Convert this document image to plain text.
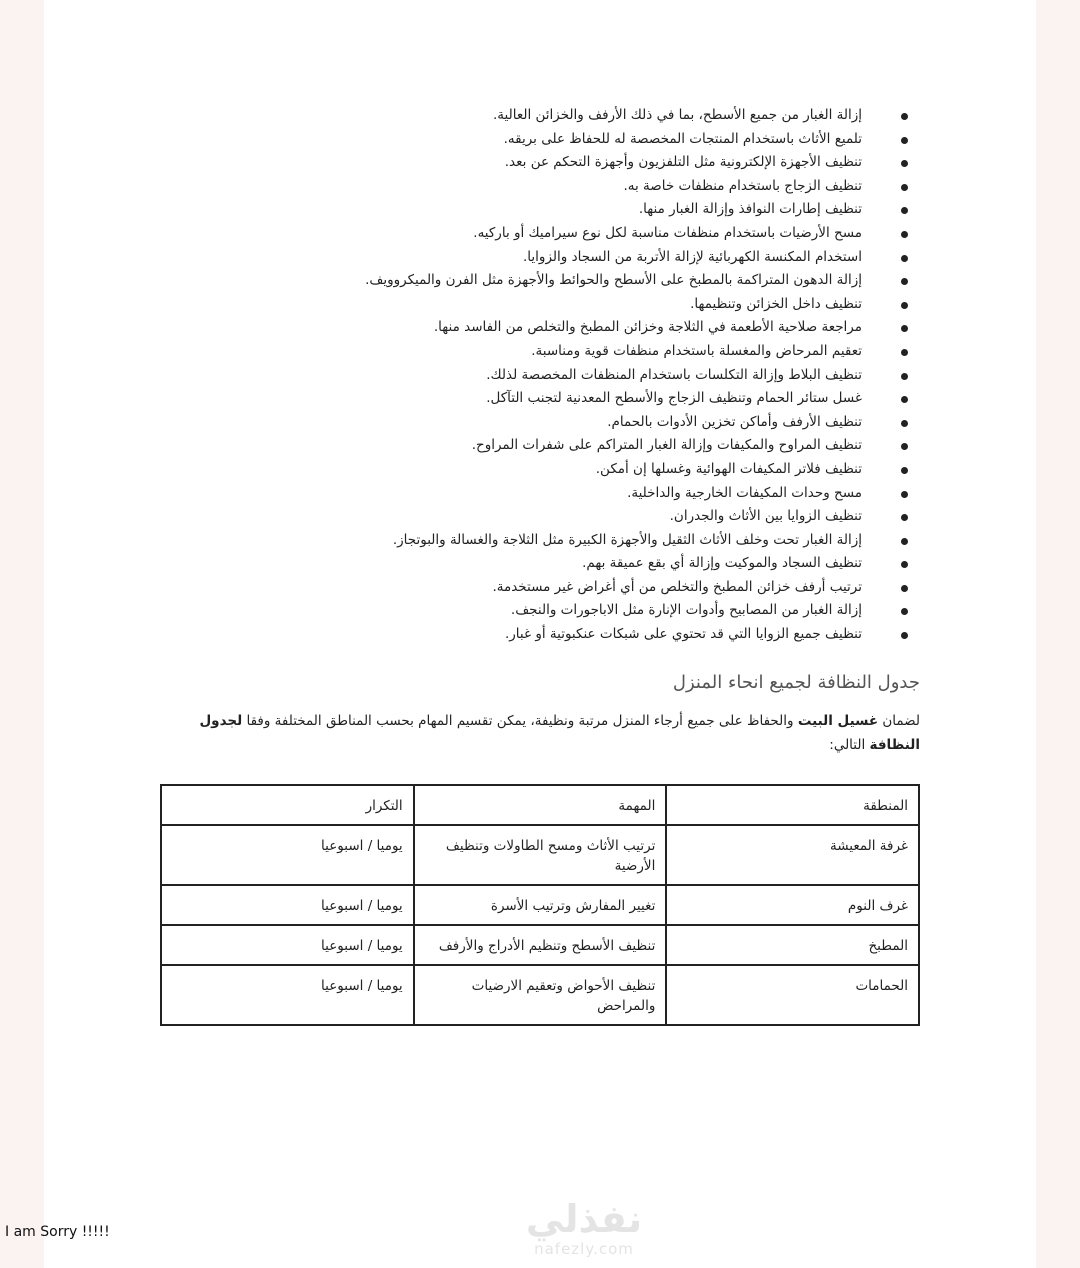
إزالة الغبار من جميع الأسطح، بما في ذلك الأرفف والخزائن العالية.
تلميع الأثاث باستخدام المنتجات المخصصة له للحفاظ على بريقه.
تنظيف الأجهزة الإلكترونية مثل التلفزيون وأجهزة التحكم عن بعد.
تنظيف الزجاج باستخدام منظفات خاصة به.
تنظيف إطارات النوافذ وإزالة الغبار منها.
مسح الأرضيات باستخدام منظفات مناسبة لكل نوع سيراميك أو باركيه.
استخدام المكنسة الكهربائية لإزالة الأتربة من السجاد والزوايا.
إزالة الدهون المتراكمة بالمطبخ على الأسطح والحوائط والأجهزة مثل الفرن والميكروويف.
تنظيف داخل الخزائن وتنظيمها.
مراجعة صلاحية الأطعمة في الثلاجة وخزائن المطبخ والتخلص من الفاسد منها.
تعقيم المرحاض والمغسلة باستخدام منظفات قوية ومناسبة.
تنظيف البلاط وإزالة التكلسات باستخدام المنظفات المخصصة لذلك.
غسل ستائر الحمام وتنظيف الزجاج والأسطح المعدنية لتجنب التآكل.
تنظيف الأرفف وأماكن تخزين الأدوات بالحمام.
تنظيف المراوح والمكيفات وإزالة الغبار المتراكم على شفرات المراوح.
تنظيف فلاتر المكيفات الهوائية وغسلها إن أمكن.
مسح وحدات المكيفات الخارجية والداخلية.
تنظيف الزوايا بين الأثاث والجدران.
إزالة الغبار تحت وخلف الأثاث الثقيل والأجهزة الكبيرة مثل الثلاجة والغسالة والبوتجاز.
تنظيف السجاد والموكيت وإزالة أي بقع عميقة بهم.
ترتيب أرفف خزائن المطبخ والتخلص من أي أغراض غير مستخدمة.
إزالة الغبار من المصابيح وأدوات الإنارة مثل الاباجورات والنجف.
تنظيف جميع الزوايا التي قد تحتوي على شبكات عنكبوتية أو غبار.
جدول النظافة لجميع انحاء المنزل

لضمان غسيل البيت والحفاظ على جميع أرجاء المنزل مرتبة ونظيفة، يمكن تقسيم المهام بحسب المناطق المختلفة وفقا لجدول النظافة التالي:

المنطقة	المهمة	التكرار
غرفة المعيشة	ترتيب الأثاث ومسح الطاولات وتنظيف الأرضية	يوميا / اسبوعيا
غرف النوم	تغيير المفارش وترتيب الأسرة	يوميا / اسبوعيا
المطبخ	تنظيف الأسطح وتنظيم الأدراج والأرفف	يوميا / اسبوعيا
الحمامات	تنظيف الأحواض وتعقيم الارضيات والمراحض	يوميا / اسبوعيا
نفذلي
nafezly.com
I am Sorry !!!!!
